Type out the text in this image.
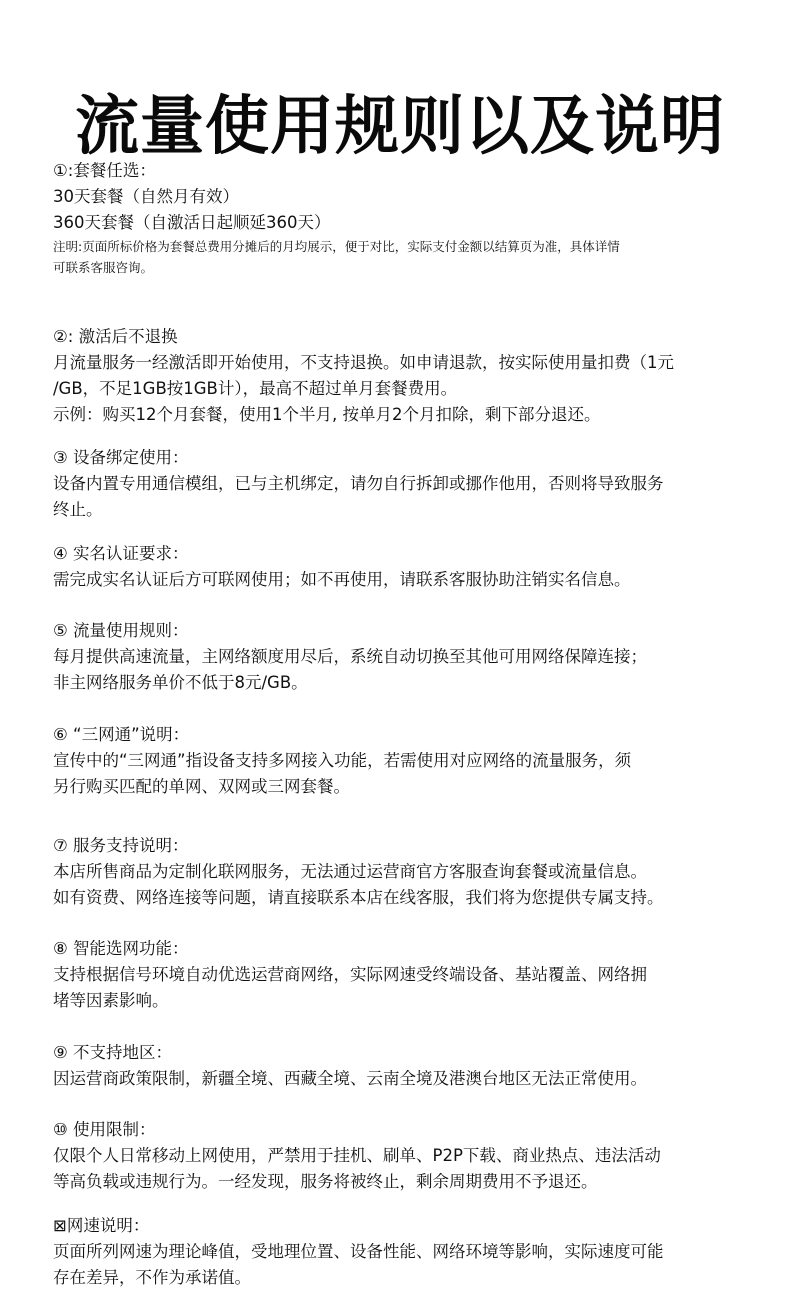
流量使用规则以及说明
①:套餐任选：
30天套餐（自然月有效）
360天套餐（自激活日起顺延360天）
注明:页面所标价格为套餐总费用分摊后的月均展示，便于对比，实际支付金额以结算页为准，具体详情
可联系客服咨询。
②: 激活后不退换
月流量服务一经激活即开始使用，不支持退换。如申请退款，按实际使用量扣费（1元
/GB，不足1GB按1GB计），最高不超过单月套餐费用。
示例：购买12个月套餐，使用1个半月, 按单月2个月扣除，剩下部分退还。
③ 设备绑定使用：
设备内置专用通信模组，已与主机绑定，请勿自行拆卸或挪作他用，否则将导致服务
终止。
④ 实名认证要求：
需完成实名认证后方可联网使用；如不再使用，请联系客服协助注销实名信息。
⑤ 流量使用规则：
每月提供高速流量，主网络额度用尽后，系统自动切换至其他可用网络保障连接；
非主网络服务单价不低于8元/GB。
⑥ “三网通”说明：
宣传中的“三网通”指设备支持多网接入功能，若需使用对应网络的流量服务，须
另行购买匹配的单网、双网或三网套餐。
⑦ 服务支持说明：
本店所售商品为定制化联网服务，无法通过运营商官方客服查询套餐或流量信息。
如有资费、网络连接等问题，请直接联系本店在线客服，我们将为您提供专属支持。
⑧ 智能选网功能：
支持根据信号环境自动优选运营商网络，实际网速受终端设备、基站覆盖、网络拥
堵等因素影响。
⑨ 不支持地区：
因运营商政策限制，新疆全境、西藏全境、云南全境及港澳台地区无法正常使用。
⑩ 使用限制：
仅限个人日常移动上网使用，严禁用于挂机、刷单、P2P下载、商业热点、违法活动
等高负载或违规行为。一经发现，服务将被终止，剩余周期费用不予退还。
⊠网速说明：
页面所列网速为理论峰值，受地理位置、设备性能、网络环境等影响，实际速度可能
存在差异，不作为承诺值。
